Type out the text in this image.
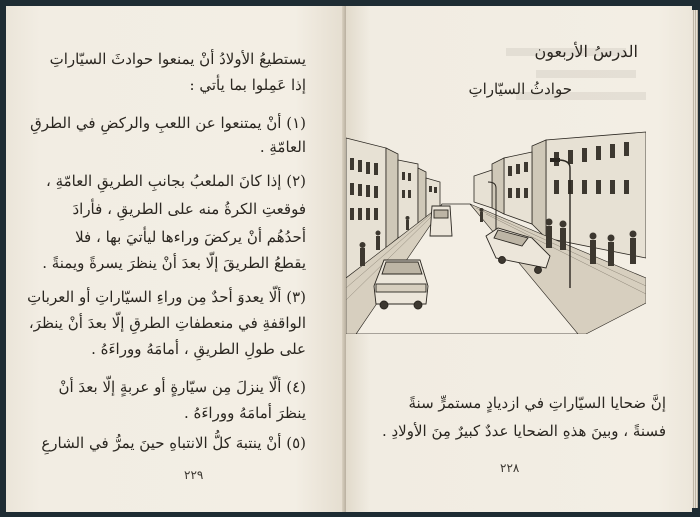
يستطيعُ الأولادُ أنْ يمنعوا حوادثَ السيّاراتِ
إذا عَمِلوا بما يأتي :
(١) أنْ يمتنعوا عن اللعبِ والركضِ في الطرقِ
العامّةِ .
(٢) إذا كانَ الملعبُ بجانبِ الطريقِ العامّةِ ،
فوقعتِ الكرةُ منه على الطريقِ ، فأرادَ
أحدُهُم أنْ يركضَ وراءها ليأتيَ بها ، فلا
يقطعُ الطريقَ إلّا بعدَ أنْ ينظرَ يسرةً ويمنةً .
(٣) ألّا يعدوَ أحدٌ مِن وراءِ السيّاراتِ أو العرباتِ
الواقفةِ في منعطفاتِ الطرقِ إلّا بعدَ أنْ ينظرَ،
على طولِ الطريقِ ، أمامَهُ ووراءَهُ .
(٤) ألّا ينزلَ مِن سيّارةٍ أو عربةٍ إلّا بعدَ أنْ
ينظرَ أمامَهُ ووراءَهُ .
(٥) أنْ ينتبهَ كلُّ الانتباهِ حينَ يمرُّ في الشارعِ
٢٢٩
الدرسُ الأربعون
حوادثُ السيّاراتِ
إنَّ ضحايا السيّاراتِ في ازديادٍ مستمرٍّ سنةً
فسنةً ، وبينَ هذهِ الضحايا عددٌ كبيرٌ مِنَ الأولادِ .
٢٢٨
